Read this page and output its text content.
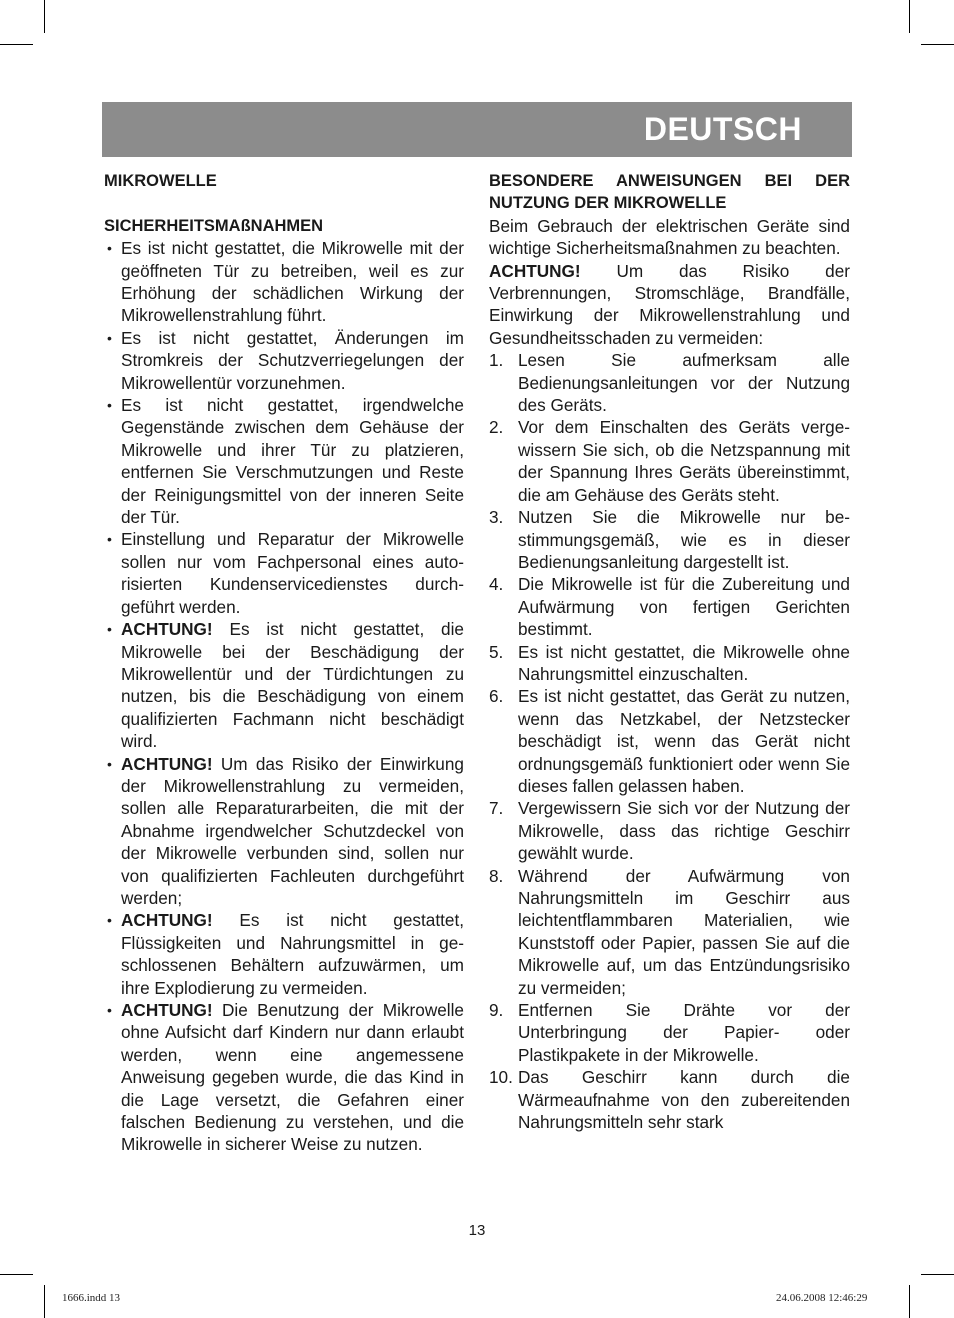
DEUTSCH
MIKROWELLE
SICHERHEITSMAßNAHMEN
• Es ist nicht gestattet, die Mikrowelle mit der geöffneten Tür zu betreiben, weil es zur Erhöhung der schädlichen Wirkung der Mikrowellenstrahlung führt.
• Es ist nicht gestattet, Änderungen im Stromkreis der Schutzverriegelungen der Mikrowellentür vorzunehmen.
• Es ist nicht gestattet, irgendwelche Gegenstände zwischen dem Gehäuse der Mikrowelle und ihrer Tür zu platzieren, entfernen Sie Verschmutzungen und Reste der Reinigungsmittel von der inneren Seite der Tür.
• Einstellung und Reparatur der Mikrowelle sollen nur vom Fachpersonal eines autorisierten Kundenservicedienstes durchgeführt werden.
• ACHTUNG! Es ist nicht gestattet, die Mikrowelle bei der Beschädigung der Mikrowellentür und der Türdichtungen zu nutzen, bis die Beschädigung von einem qualifizierten Fachmann nicht beschädigt wird.
• ACHTUNG! Um das Risiko der Einwirkung der Mikrowellenstrahlung zu vermeiden, sollen alle Reparaturarbeiten, die mit der Abnahme irgendwelcher Schutzdeckel von der Mikrowelle verbunden sind, sollen nur von qualifizierten Fachleuten durchgeführt werden;
• ACHTUNG! Es ist nicht gestattet, Flüssigkeiten und Nahrungsmittel in geschlossenen Behältern aufzuwärmen, um ihre Explodierung zu vermeiden.
• ACHTUNG! Die Benutzung der Mikrowelle ohne Aufsicht darf Kindern nur dann erlaubt werden, wenn eine angemessene Anweisung gegeben wurde, die das Kind in die Lage versetzt, die Gefahren einer falschen Bedienung zu verstehen, und die Mikrowelle in sicherer Weise zu nutzen.
BESONDERE ANWEISUNGEN BEI DER NUTZUNG DER MIKROWELLE
Beim Gebrauch der elektrischen Geräte sind wichtige Sicherheitsmaßnahmen zu beachten.
ACHTUNG! Um das Risiko der Verbrennungen, Stromschläge, Brandfälle, Einwirkung der Mikrowellenstrahlung und Gesundheitsschaden zu vermeiden:
1. Lesen Sie aufmerksam alle Bedienungsanleitungen vor der Nutzung des Geräts.
2. Vor dem Einschalten des Geräts vergewissern Sie sich, ob die Netzspannung mit der Spannung Ihres Geräts übereinstimmt, die am Gehäuse des Geräts steht.
3. Nutzen Sie die Mikrowelle nur bestimmungsgemäß, wie es in dieser Bedienungsanleitung dargestellt ist.
4. Die Mikrowelle ist für die Zubereitung und Aufwärmung von fertigen Gerichten bestimmt.
5. Es ist nicht gestattet, die Mikrowelle ohne Nahrungsmittel einzuschalten.
6. Es ist nicht gestattet, das Gerät zu nutzen, wenn das Netzkabel, der Netzstecker beschädigt ist, wenn das Gerät nicht ordnungsgemäß funktioniert oder wenn Sie dieses fallen gelassen haben.
7. Vergewissern Sie sich vor der Nutzung der Mikrowelle, dass das richtige Geschirr gewählt wurde.
8. Während der Aufwärmung von Nahrungsmitteln im Geschirr aus leichtentflammbaren Materialien, wie Kunststoff oder Papier, passen Sie auf die Mikrowelle auf, um das Entzündungsrisiko zu vermeiden;
9. Entfernen Sie Drähte vor der Unterbringung der Papier- oder Plastikpakete in der Mikrowelle.
10. Das Geschirr kann durch die Wärmeaufnahme von den zubereitenden Nahrungsmitteln sehr stark
13
1666.indd 13	24.06.2008 12:46:29
